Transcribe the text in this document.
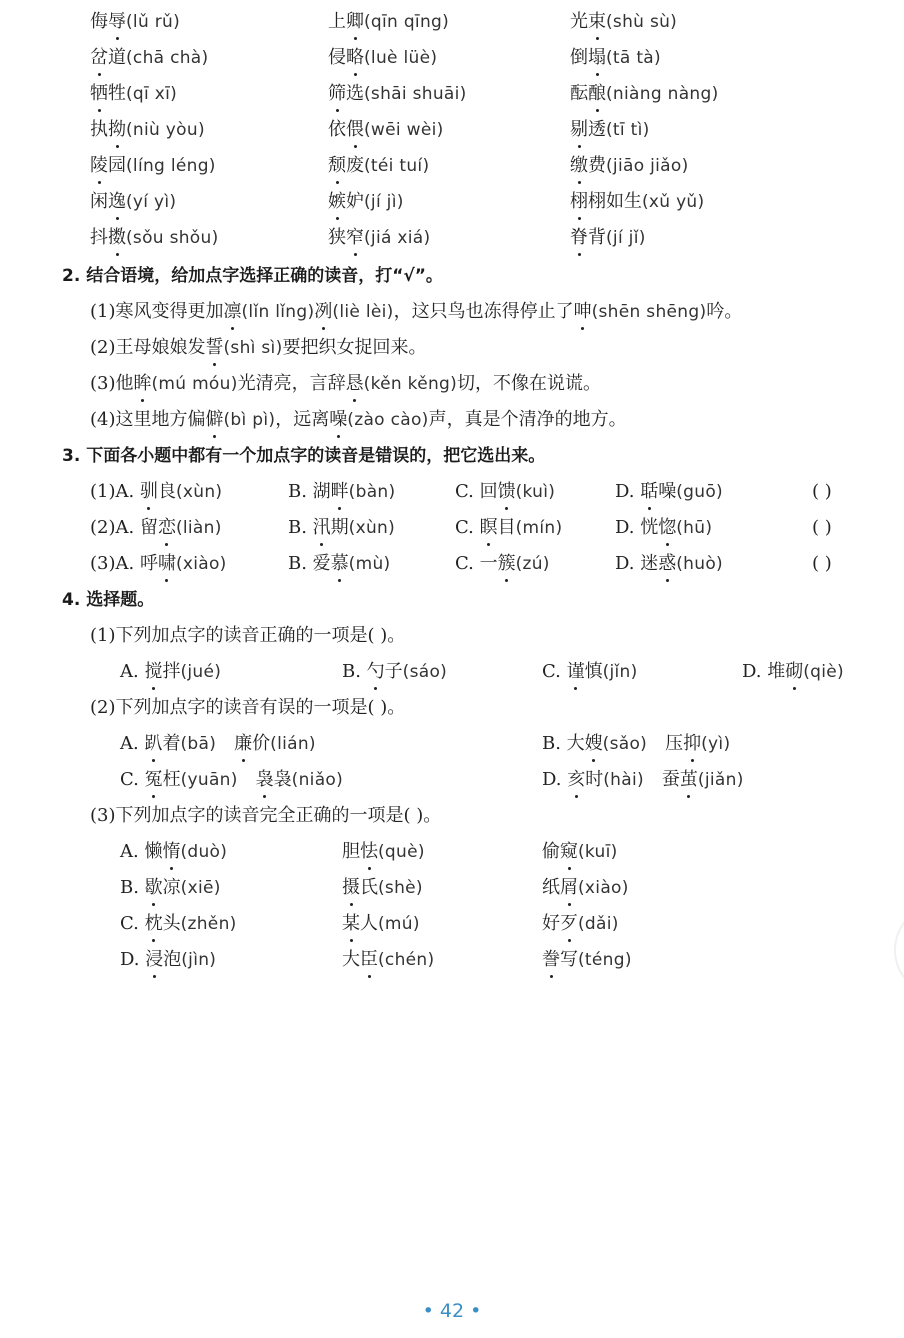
侮辱(lǔ rǔ)	上卿(qīn qīng)	光束(shù sù)
岔道(chā chà)	侵略(luè lüè)	倒塌(tā tà)
牺牲(qī xī)	筛选(shāi shuāi)	酝酿(niàng nàng)
执拗(niù yòu)	依偎(wēi wèi)	剔透(tī tì)
陵园(líng léng)	颓废(téi tuí)	缴费(jiāo jiǎo)
闲逸(yí yì)	嫉妒(jí jì)	栩栩如生(xǔ yǔ)
抖擞(sǒu shǒu)	狭窄(jiá xiá)	脊背(jí jǐ)
2. 结合语境，给加点字选择正确的读音，打“√”。
(1)寒风变得更加凛(lǐn lǐng)冽(liè lèi)，这只鸟也冻得停止了呻(shēn shēng)吟。
(2)王母娘娘发誓(shì sì)要把织女捉回来。
(3)他眸(mú móu)光清亮，言辞恳(kěn kěng)切，不像在说谎。
(4)这里地方偏僻(bì pì)，远离噪(zào cào)声，真是个清净的地方。
3. 下面各小题中都有一个加点字的读音是错误的，把它选出来。
(1)A. 驯良(xùn)	B. 湖畔(bàn)	C. 回馈(kuì)	D. 聒噪(guō)	( )
(2)A. 留恋(liàn)	B. 汛期(xùn)	C. 瞑目(mín)	D. 恍惚(hū)	( )
(3)A. 呼啸(xiào)	B. 爱慕(mù)	C. 一簇(zú)	D. 迷惑(huò)	( )
4. 选择题。
(1)下列加点字的读音正确的一项是( )。
A. 搅拌(jué)	B. 勺子(sáo)	C. 谨慎(jǐn)	D. 堆砌(qiè)
(2)下列加点字的读音有误的一项是( )。
A. 趴着(bā) 廉价(lián)	B. 大嫂(sǎo) 压抑(yì)
C. 冤枉(yuān) 袅袅(niǎo)	D. 亥时(hài) 蚕茧(jiǎn)
(3)下列加点字的读音完全正确的一项是( )。
A. 懒惰(duò)	胆怯(què)	偷窥(kuī)
B. 歇凉(xiē)	摄氏(shè)	纸屑(xiào)
C. 枕头(zhěn)	某人(mú)	好歹(dǎi)
D. 浸泡(jìn)	大臣(chén)	誊写(téng)
• 42 •
